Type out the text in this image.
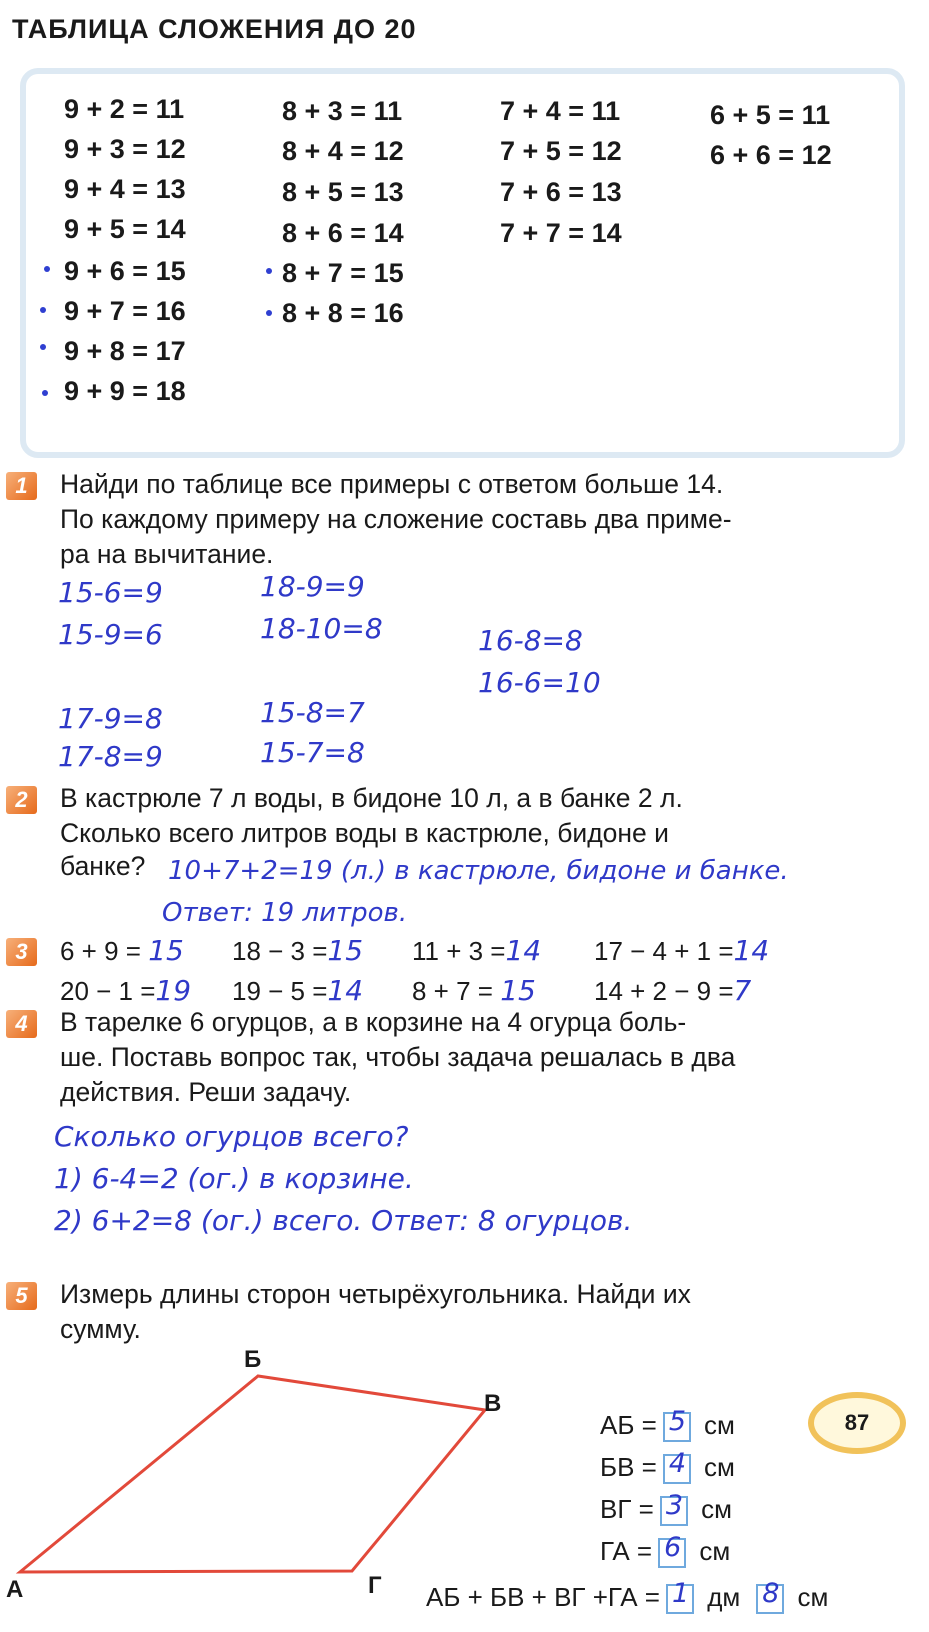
ТАБЛИЦА СЛОЖЕНИЯ ДО 20
9 + 2 = 11
9 + 3 = 12
9 + 4 = 13
9 + 5 = 14
9 + 6 = 15
9 + 7 = 16
9 + 8 = 17
9 + 9 = 18
8 + 3 = 11
8 + 4 = 12
8 + 5 = 13
8 + 6 = 14
8 + 7 = 15
8 + 8 = 16
7 + 4 = 11
7 + 5 = 12
7 + 6 = 13
7 + 7 = 14
6 + 5 = 11
6 + 6 = 12
1	Найди по таблице все примеры с ответом больше 14.
По каждому примеру на сложение составь два приме-
ра на вычитание.
15-6=9
15-9=6
18-9=9
18-10=8	16-8=8
16-6=10
17-9=8
17-8=9
15-8=7
15-7=8
2	В кастрюле 7 л воды, в бидоне 10 л, а в банке 2 л.
Сколько всего литров воды в кастрюле, бидоне и
банке? 10+7+2=19 (л.) в кастрюле, бидоне и банке.
Ответ: 19 литров.
3	6 + 9 = 15 18 − 3 =15 11 + 3 =14 17 − 4 + 1 =14
20 − 1 =19 19 − 5 =14 8 + 7 = 15 14 + 2 − 9 =7
4	В тарелке 6 огурцов, а в корзине на 4 огурца боль-
ше. Поставь вопрос так, чтобы задача решалась в два
действия. Реши задачу.
Сколько огурцов всего?
1) 6-4=2 (ог.) в корзине.
2) 6+2=8 (ог.) всего. Ответ: 8 огурцов.
5	Измерь длины сторон четырёхугольника. Найди их
сумму.
А
Б
В
Г
АБ = 5 см
БВ = 4 см
ВГ = 3 см
ГА = 6 см
АБ + БВ + ВГ +ГА = 1 дм 8 см
87
